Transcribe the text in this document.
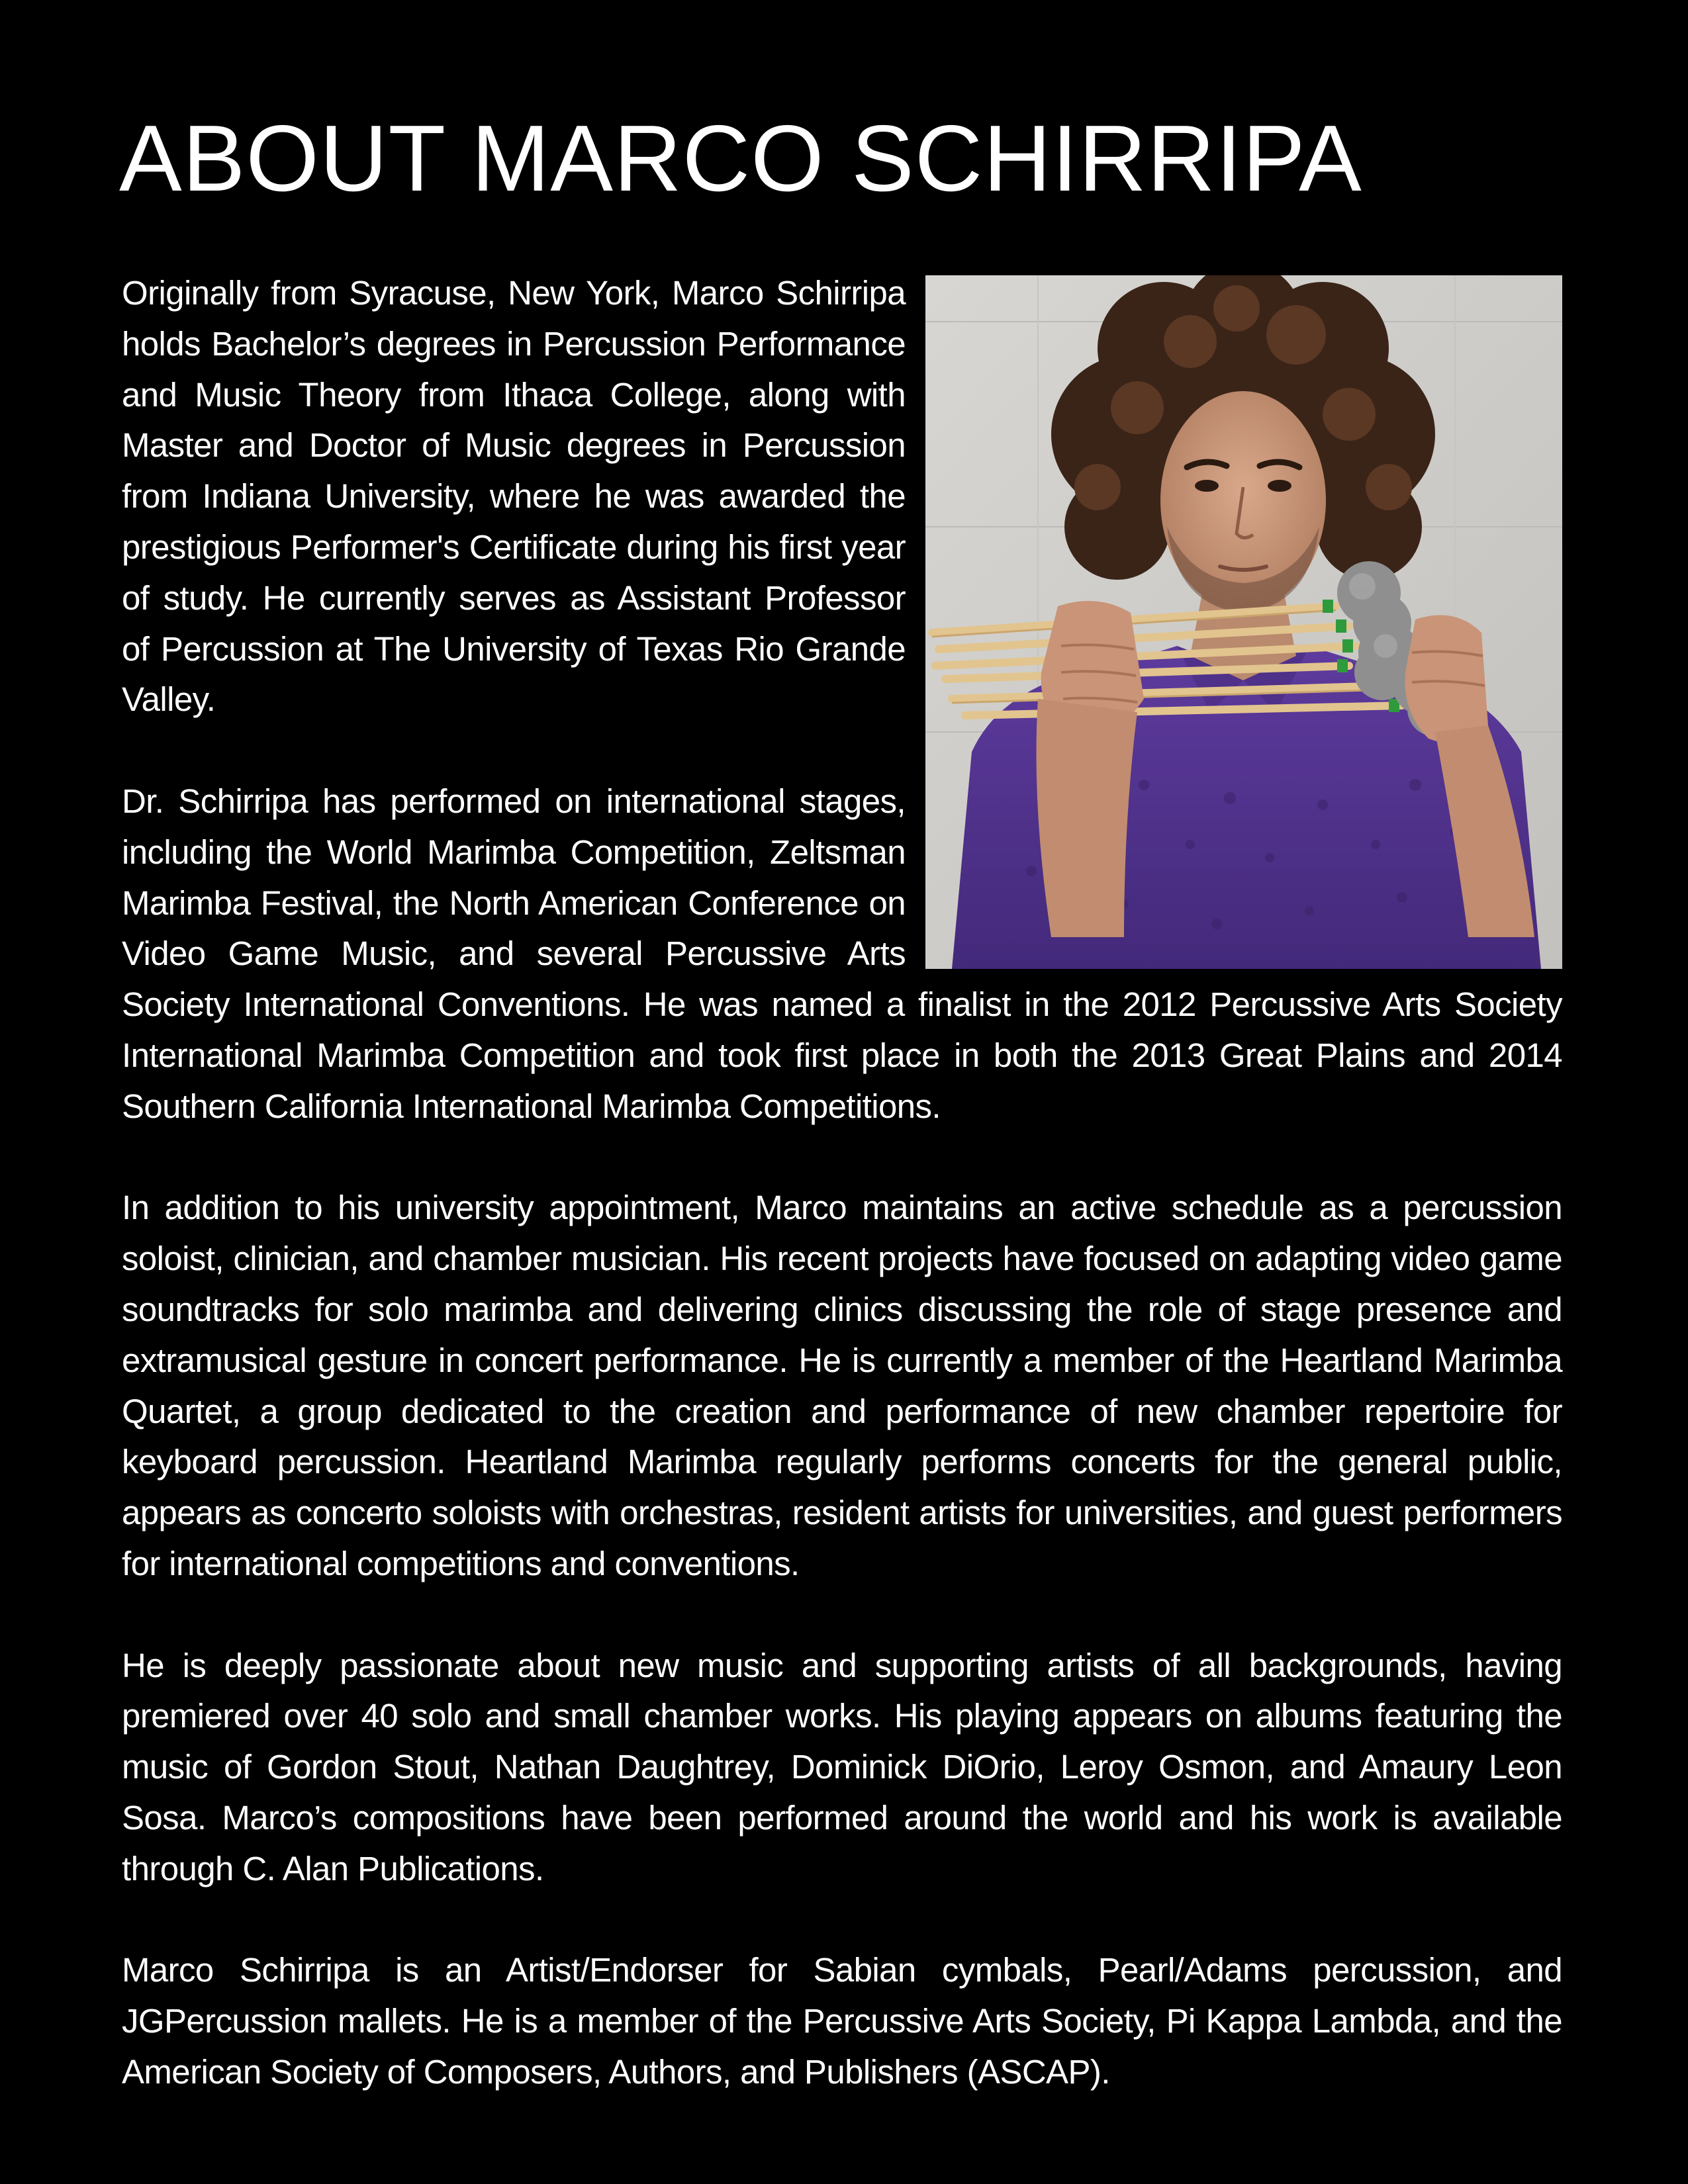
ABOUT MARCO SCHIRRIPA

Originally from Syracuse, New York, Marco Schirripa holds Bachelor’s degrees in Percussion Performance and Music Theory from Ithaca College, along with Master and Doctor of Music degrees in Percussion from Indiana University, where he was awarded the prestigious Performer's Certificate during his first year of study. He currently serves as Assistant Professor of Percussion at The University of Texas Rio Grande Valley.

Dr. Schirripa has performed on international stages, including the World Marimba Competition, Zeltsman Marimba Festival, the North American Conference on Video Game Music, and several Percussive Arts Society International Conventions. He was named a finalist in the 2012 Percussive Arts Society International Marimba Competition and took first place in both the 2013 Great Plains and 2014 Southern California International Marimba Competitions.

In addition to his university appointment, Marco maintains an active schedule as a percussion soloist, clinician, and chamber musician. His recent projects have focused on adapting video game soundtracks for solo marimba and delivering clinics discussing the role of stage presence and extramusical gesture in concert performance. He is currently a member of the Heartland Marimba Quartet, a group dedicated to the creation and performance of new chamber repertoire for keyboard percussion. Heartland Marimba regularly performs concerts for the general public, appears as concerto soloists with orchestras, resident artists for universities, and guest performers for international competitions and conventions.

He is deeply passionate about new music and supporting artists of all backgrounds, having premiered over 40 solo and small chamber works. His playing appears on albums featuring the music of Gordon Stout, Nathan Daughtrey, Dominick DiOrio, Leroy Osmon, and Amaury Leon Sosa. Marco’s compositions have been performed around the world and his work is available through C. Alan Publications.

Marco Schirripa is an Artist/Endorser for Sabian cymbals, Pearl/Adams percussion, and JGPercussion mallets. He is a member of the Percussive Arts Society, Pi Kappa Lambda, and the American Society of Composers, Authors, and Publishers (ASCAP).
